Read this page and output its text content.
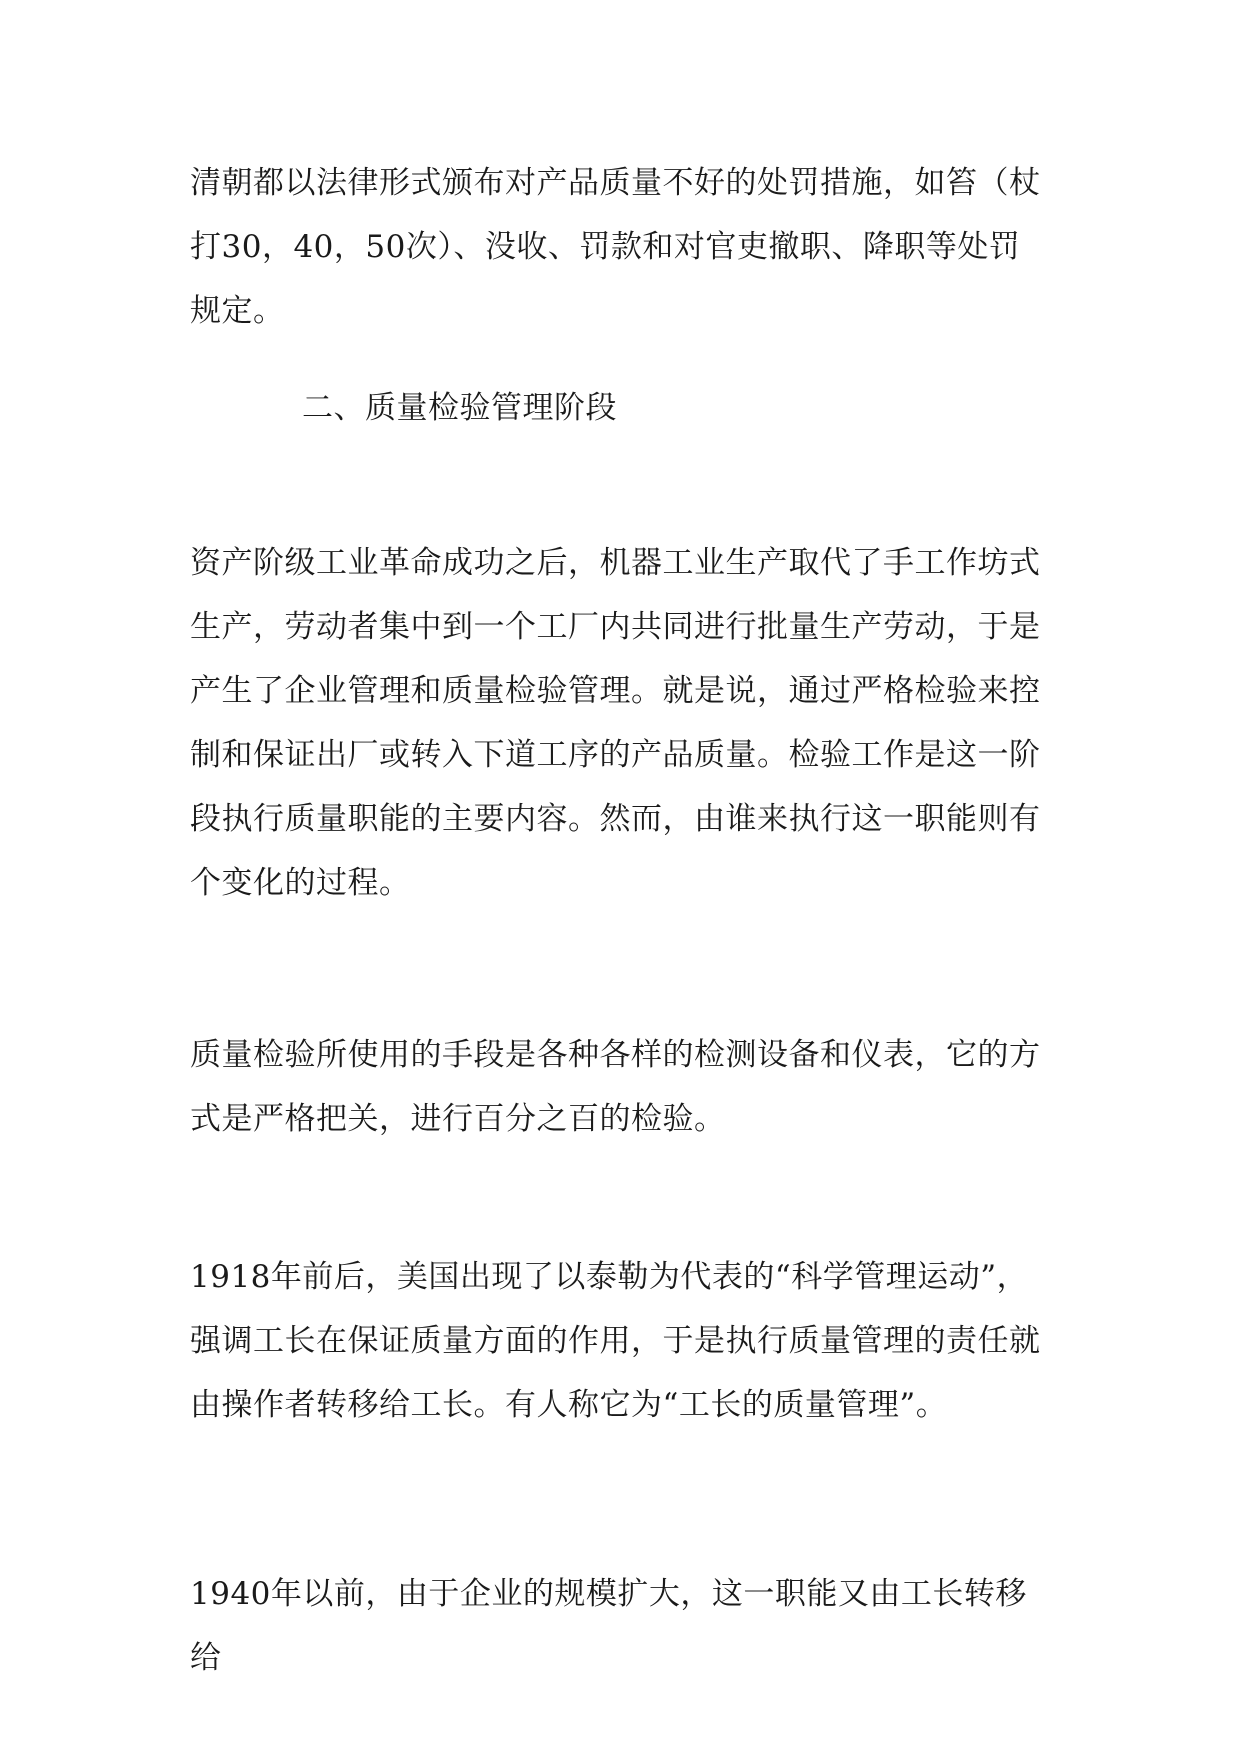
清朝都以法律形式颁布对产品质量不好的处罚措施，如笞（杖打30，40，50次）、没收、罚款和对官吏撤职、降职等处罚规定。

二、质量检验管理阶段

资产阶级工业革命成功之后，机器工业生产取代了手工作坊式生产，劳动者集中到一个工厂内共同进行批量生产劳动，于是产生了企业管理和质量检验管理。就是说，通过严格检验来控制和保证出厂或转入下道工序的产品质量。检验工作是这一阶段执行质量职能的主要内容。然而，由谁来执行这一职能则有个变化的过程。

质量检验所使用的手段是各种各样的检测设备和仪表，它的方式是严格把关，进行百分之百的检验。

1918年前后，美国出现了以泰勒为代表的“科学管理运动”，强调工长在保证质量方面的作用，于是执行质量管理的责任就由操作者转移给工长。有人称它为“工长的质量管理”。

1940年以前，由于企业的规模扩大，这一职能又由工长转移给
